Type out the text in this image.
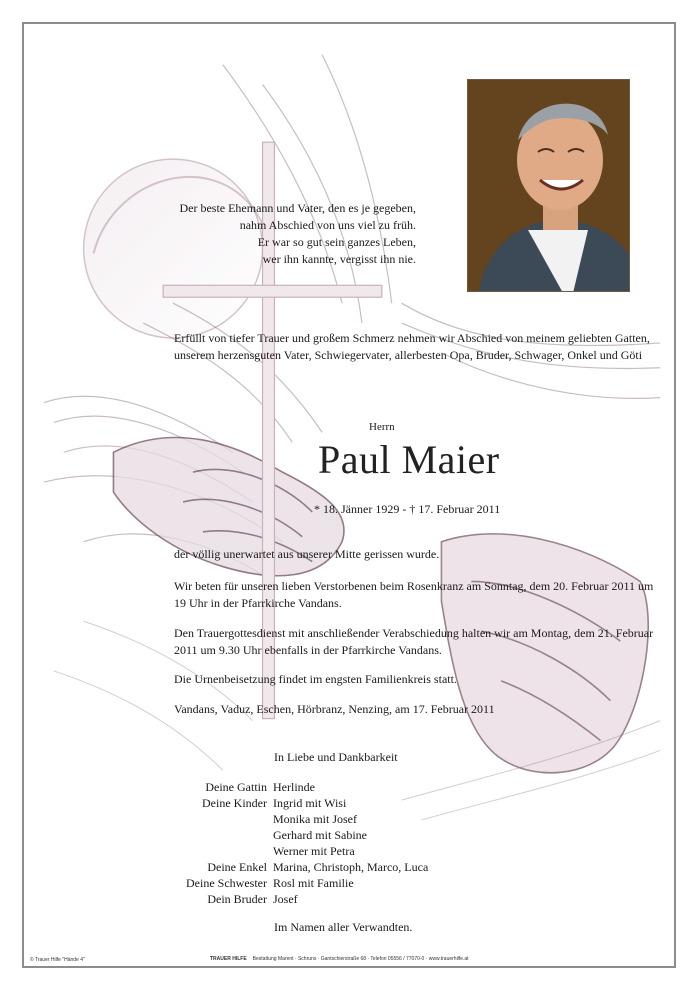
Der beste Ehemann und Vater, den es je gegeben,
nahm Abschied von uns viel zu früh.
Er war so gut sein ganzes Leben,
wer ihn kannte, vergisst ihn nie.
Erfüllt von tiefer Trauer und großem Schmerz nehmen wir Abschied von meinem geliebten Gatten, unserem herzensguten Vater, Schwiegervater, allerbesten Opa, Bruder, Schwager, Onkel und Göti
Herrn
Paul Maier
* 18. Jänner 1929 - † 17. Februar 2011
der völlig unerwartet aus unserer Mitte gerissen wurde.
Wir beten für unseren lieben Verstorbenen beim Rosenkranz am Sonntag, dem 20. Februar 2011 um 19 Uhr in der Pfarrkirche Vandans.
Den Trauergottesdienst mit anschließender Verabschiedung halten wir am Montag, dem 21. Februar 2011 um 9.30 Uhr ebenfalls in der Pfarrkirche Vandans.
Die Urnenbeisetzung findet im engsten Familienkreis statt.
Vandans, Vaduz, Eschen, Hörbranz, Nenzing, am 17. Februar 2011
In Liebe und Dankbarkeit
Deine Gattin Herlinde
Deine Kinder Ingrid mit Wisi
Monika mit Josef
Gerhard mit Sabine
Werner mit Petra
Deine Enkel Marina, Christoph, Marco, Luca
Deine Schwester Rosl mit Familie
Dein Bruder Josef
Im Namen aller Verwandten.
© Trauer Hilfe "Hände 4"	TRAUER HILFE Bestattung Marent · Schruns · Gantschierstraße 68 · Telefon 05556 / 77070-0 · www.trauerhilfe.at
